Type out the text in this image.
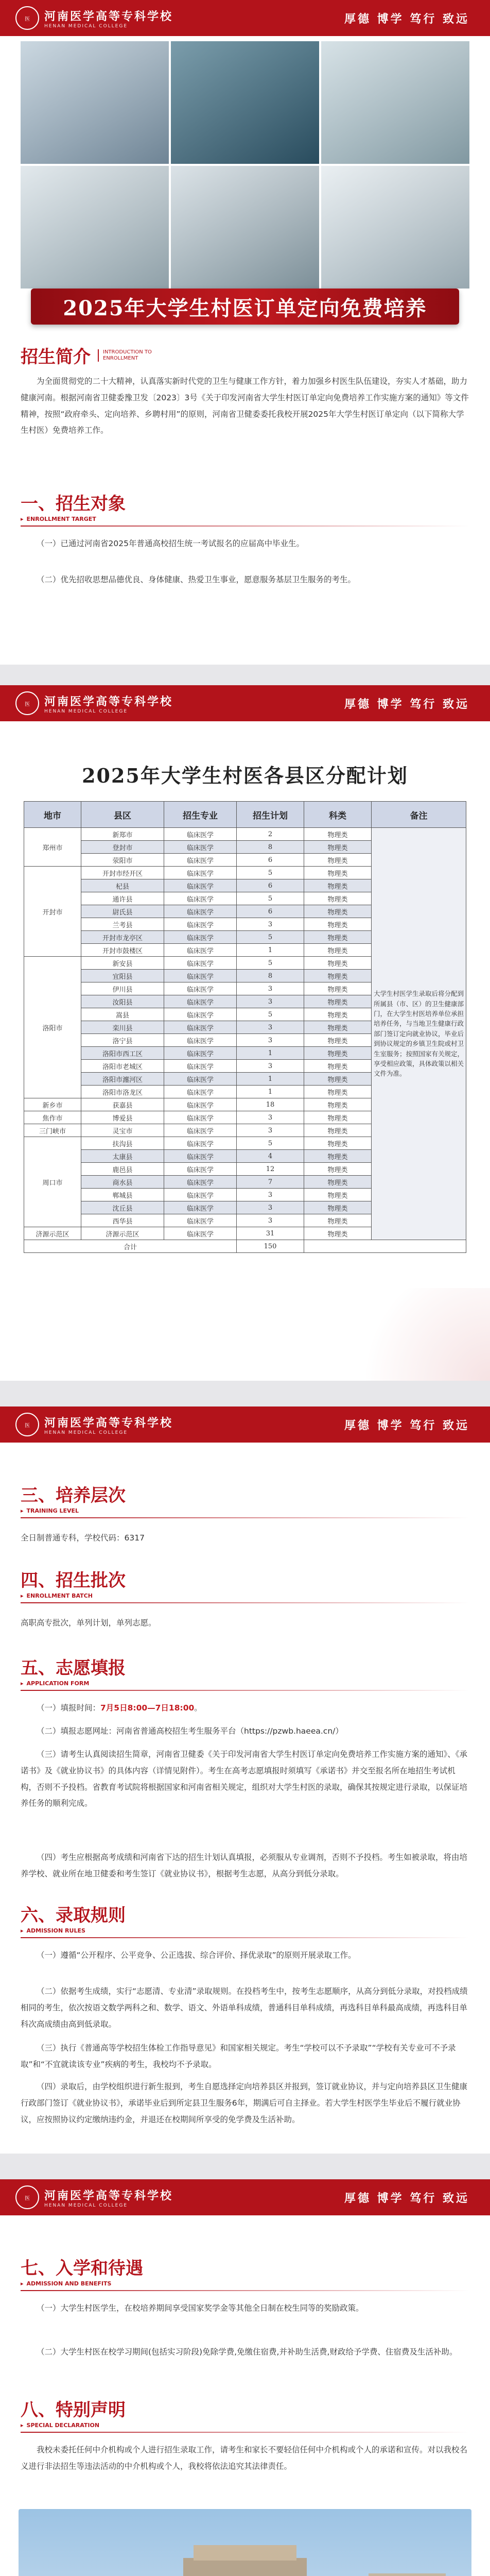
医	河南医学高等专科学校
HENAN MEDICAL COLLEGE
厚德 博学 笃行 致远
2025年大学生村医订单定向免费培养
招生简介	INTRODUCTION TO
ENROLLMENT
为全面贯彻党的二十大精神，认真落实新时代党的卫生与健康工作方针，着力加强乡村医生队伍建设，夯实人才基础，助力健康河南。根据河南省卫健委豫卫发〔2023〕3号《关于印发河南省大学生村医订单定向免费培养工作实施方案的通知》等文件精神，按照“政府牵头、定向培养、乡聘村用”的原则，河南省卫健委委托我校开展2025年大学生村医订单定向（以下简称大学生村医）免费培养工作。
一、招生对象
▸ ENROLLMENT TARGET
（一）已通过河南省2025年普通高校招生统一考试报名的应届高中毕业生。
（二）优先招收思想品德优良、身体健康、热爱卫生事业，愿意服务基层卫生服务的考生。
医	河南医学高等专科学校
HENAN MEDICAL COLLEGE
厚德 博学 笃行 致远
2025年大学生村医各县区分配计划
地市	县区	招生专业	招生计划	科类	备注
郑州市	新郑市	临床医学	2	物理类	大学生村医学生录取后将分配到所属县（市、区）的卫生健康部门，在大学生村医培养单位承担培养任务，与当地卫生健康行政部门签订定向就业协议，毕业后到协议规定的乡镇卫生院或村卫生室服务；按照国家有关规定，享受相应政策，具体政策以相关文件为准。
	登封市	临床医学	8	物理类	
	荥阳市	临床医学	6	物理类	
开封市	开封市经开区	临床医学	5	物理类	
	杞县	临床医学	6	物理类	
	通许县	临床医学	5	物理类	
	尉氏县	临床医学	6	物理类	
	兰考县	临床医学	3	物理类	
	开封市龙亭区	临床医学	5	物理类	
	开封市鼓楼区	临床医学	1	物理类	
洛阳市	新安县	临床医学	5	物理类	
	宜阳县	临床医学	8	物理类	
	伊川县	临床医学	3	物理类	
	汝阳县	临床医学	3	物理类	
	嵩县	临床医学	5	物理类	
	栾川县	临床医学	3	物理类	
	洛宁县	临床医学	3	物理类	
	洛阳市西工区	临床医学	1	物理类	
	洛阳市老城区	临床医学	3	物理类	
	洛阳市瀍河区	临床医学	1	物理类	
	洛阳市洛龙区	临床医学	1	物理类	
新乡市	获嘉县	临床医学	18	物理类	
焦作市	博爱县	临床医学	3	物理类	
三门峡市	灵宝市	临床医学	3	物理类	
周口市	扶沟县	临床医学	5	物理类	
	太康县	临床医学	4	物理类	
	鹿邑县	临床医学	12	物理类	
	商水县	临床医学	7	物理类	
	郸城县	临床医学	3	物理类	
	沈丘县	临床医学	3	物理类	
	西华县	临床医学	3	物理类	
济源示范区	济源示范区	临床医学	31	物理类	
合计			150		
医	河南医学高等专科学校
HENAN MEDICAL COLLEGE
厚德 博学 笃行 致远
三、培养层次
▸ TRAINING LEVEL
全日制普通专科，学校代码：6317
四、招生批次
▸ ENROLLMENT BATCH
高职高专批次，单列计划，单列志愿。
五、志愿填报
▸ APPLICATION FORM
（一）填报时间：7月5日8:00—7日18:00。
（二）填报志愿网址：河南省普通高校招生考生服务平台（https://pzwb.haeea.cn/）
（三）请考生认真阅读招生简章，河南省卫健委《关于印发河南省大学生村医订单定向免费培养工作实施方案的通知》、《承诺书》及《就业协议书》的具体内容（详情见附件）。考生在高考志愿填报时须填写《承诺书》并交至报名所在地招生考试机构，否则不予投档。省教育考试院将根据国家和河南省相关规定，组织对大学生村医的录取，确保其按规定进行录取，以保证培养任务的顺利完成。
（四）考生应根据高考成绩和河南省下达的招生计划认真填报，必须服从专业调剂，否则不予投档。考生如被录取，将由培养学校、就业所在地卫健委和考生签订《就业协议书》，根据考生志愿，从高分到低分录取。
六、录取规则
▸ ADMISSION RULES
（一）遵循“公开程序、公平竞争、公正选拔、综合评价、择优录取”的原则开展录取工作。
（二）依据考生成绩，实行“志愿清、专业清”录取规则。在投档考生中，按考生志愿顺序，从高分到低分录取，对投档成绩相同的考生，依次按语文数学两科之和、数学、语文、外语单科成绩，普通科目单科成绩，再选科目单科最高成绩，再选科目单科次高成绩由高到低录取。
（三）执行《普通高等学校招生体检工作指导意见》和国家相关规定。考生“学校可以不予录取”“学校有关专业可不予录取”和“不宜就读该专业”疾病的考生，我校均不予录取。
（四）录取后，由学校组织进行新生报到，考生自愿选择定向培养县区并报到，签订就业协议，并与定向培养县区卫生健康行政部门签订《就业协议书》，承诺毕业后到所定县卫生服务6年，期满后可自主择业。若大学生村医学生毕业后不履行就业协议，应按照协议约定缴纳违约金，并退还在校期间所享受的免学费及生活补助。
医	河南医学高等专科学校
HENAN MEDICAL COLLEGE
厚德 博学 笃行 致远
七、入学和待遇
▸ ADMISSION AND BENEFITS
（一）大学生村医学生，在校培养期间享受国家奖学金等其他全日制在校生同等的奖励政策。
（二）大学生村医在校学习期间(包括实习阶段)免除学费,免缴住宿费,并补助生活费,财政给予学费、住宿费及生活补助。
八、特别声明
▸ SPECIAL DECLARATION
我校未委托任何中介机构或个人进行招生录取工作，请考生和家长不要轻信任何中介机构或个人的承诺和宣传。对以我校名义进行非法招生等违法活动的中介机构或个人，我校将依法追究其法律责任。
